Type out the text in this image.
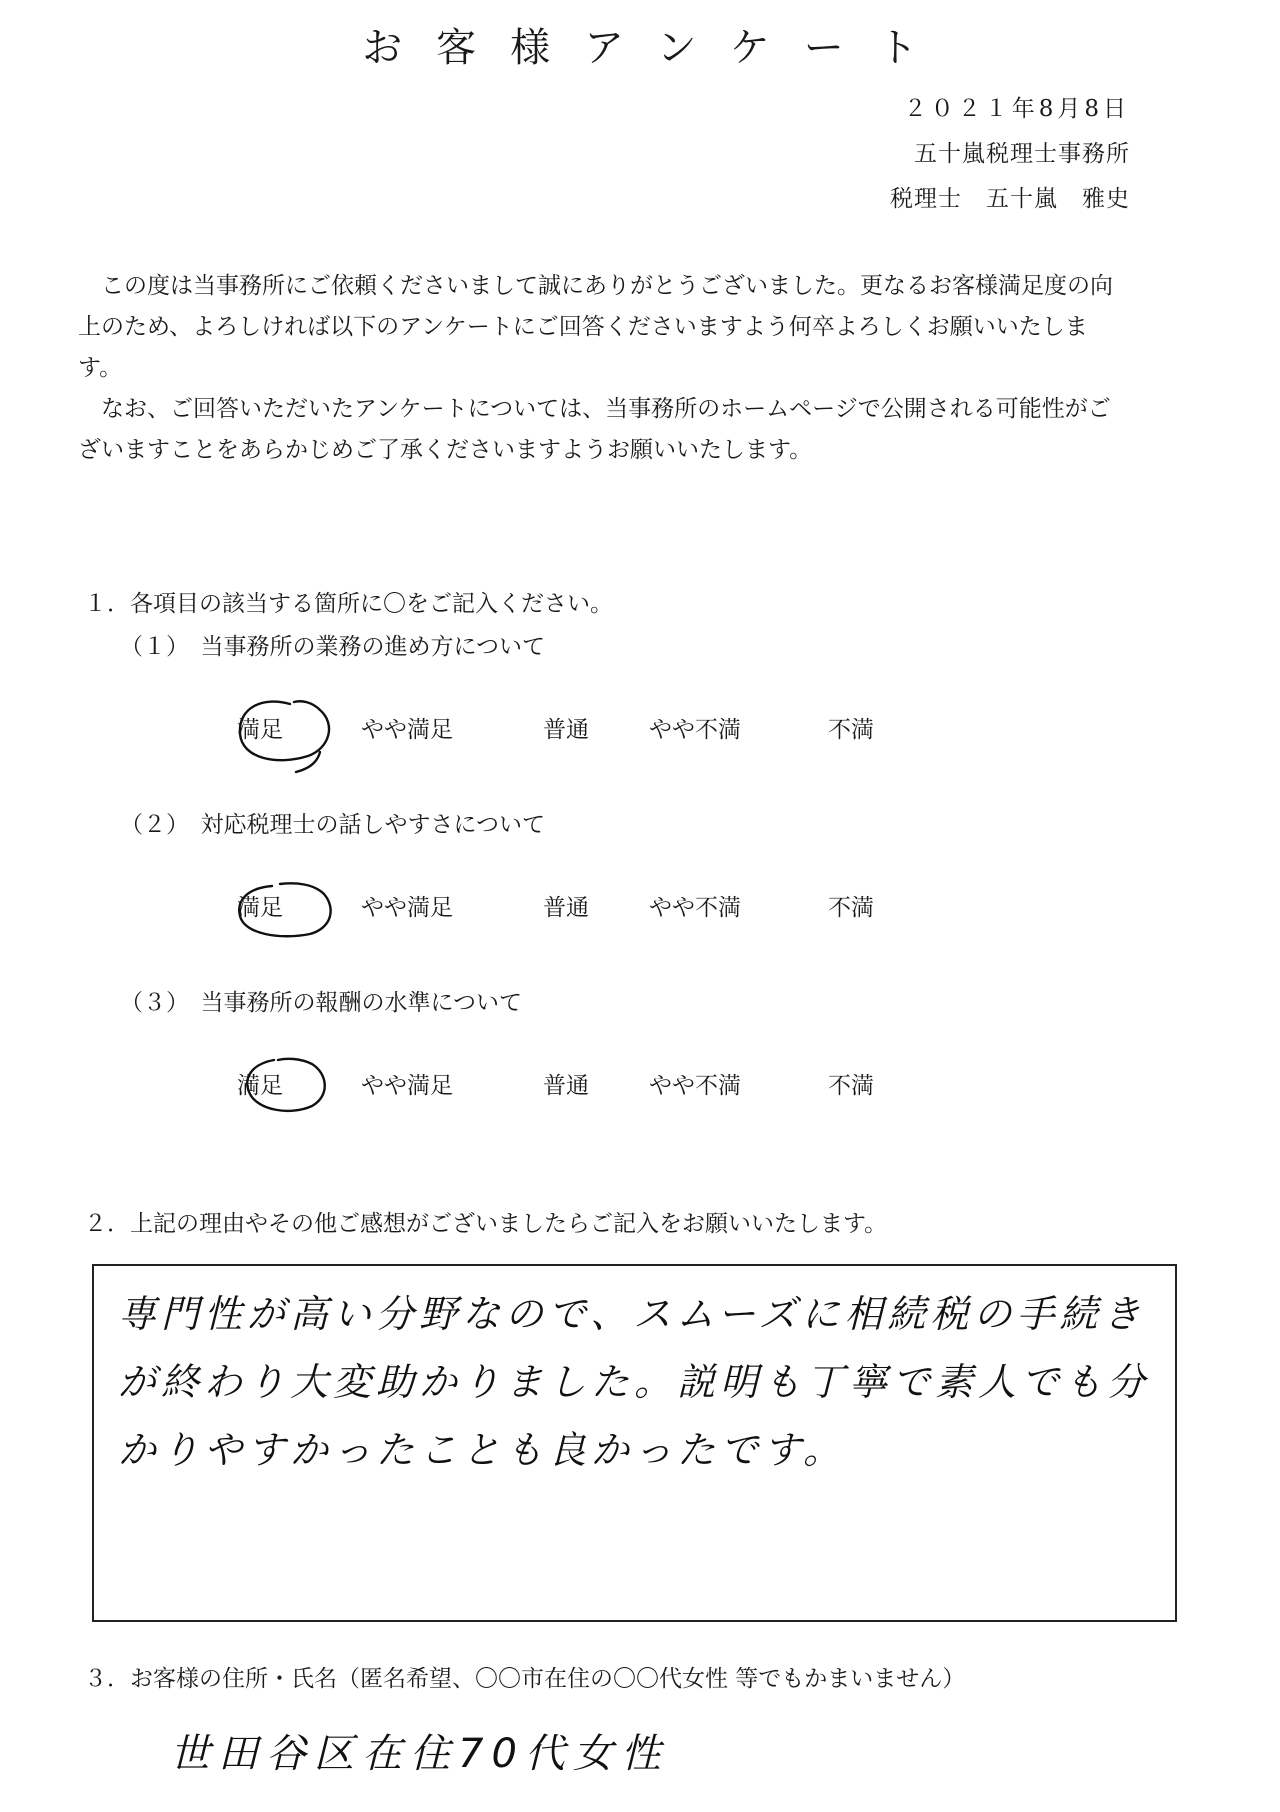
お客様アンケート
２０２１年8月8日
五十嵐税理士事務所
税理士　五十嵐　雅史

この度は当事務所にご依頼くださいまして誠にありがとうございました。更なるお客様満足度の向上のため、よろしければ以下のアンケートにご回答くださいますよう何卒よろしくお願いいたします。

なお、ご回答いただいたアンケートについては、当事務所のホームページで公開される可能性がございますことをあらかじめご了承くださいますようお願いいたします。

１．各項目の該当する箇所に〇をご記入ください。
（１）　当事務所の業務の進め方について
満足	やや満足	普通	やや不満	不満
（２）　対応税理士の話しやすさについて
満足	やや満足	普通	やや不満	不満
（３）　当事務所の報酬の水準について
満足	やや満足	普通	やや不満	不満
２．上記の理由やその他ご感想がございましたらご記入をお願いいたします。
専門性が高い分野なので、スムーズに相続税の手続きが終わり大変助かりました。説明も丁寧で素人でも分かりやすかったことも良かったです。
３．お客様の住所・氏名（匿名希望、〇〇市在住の〇〇代女性 等でもかまいません）
世田谷区在住70代女性
